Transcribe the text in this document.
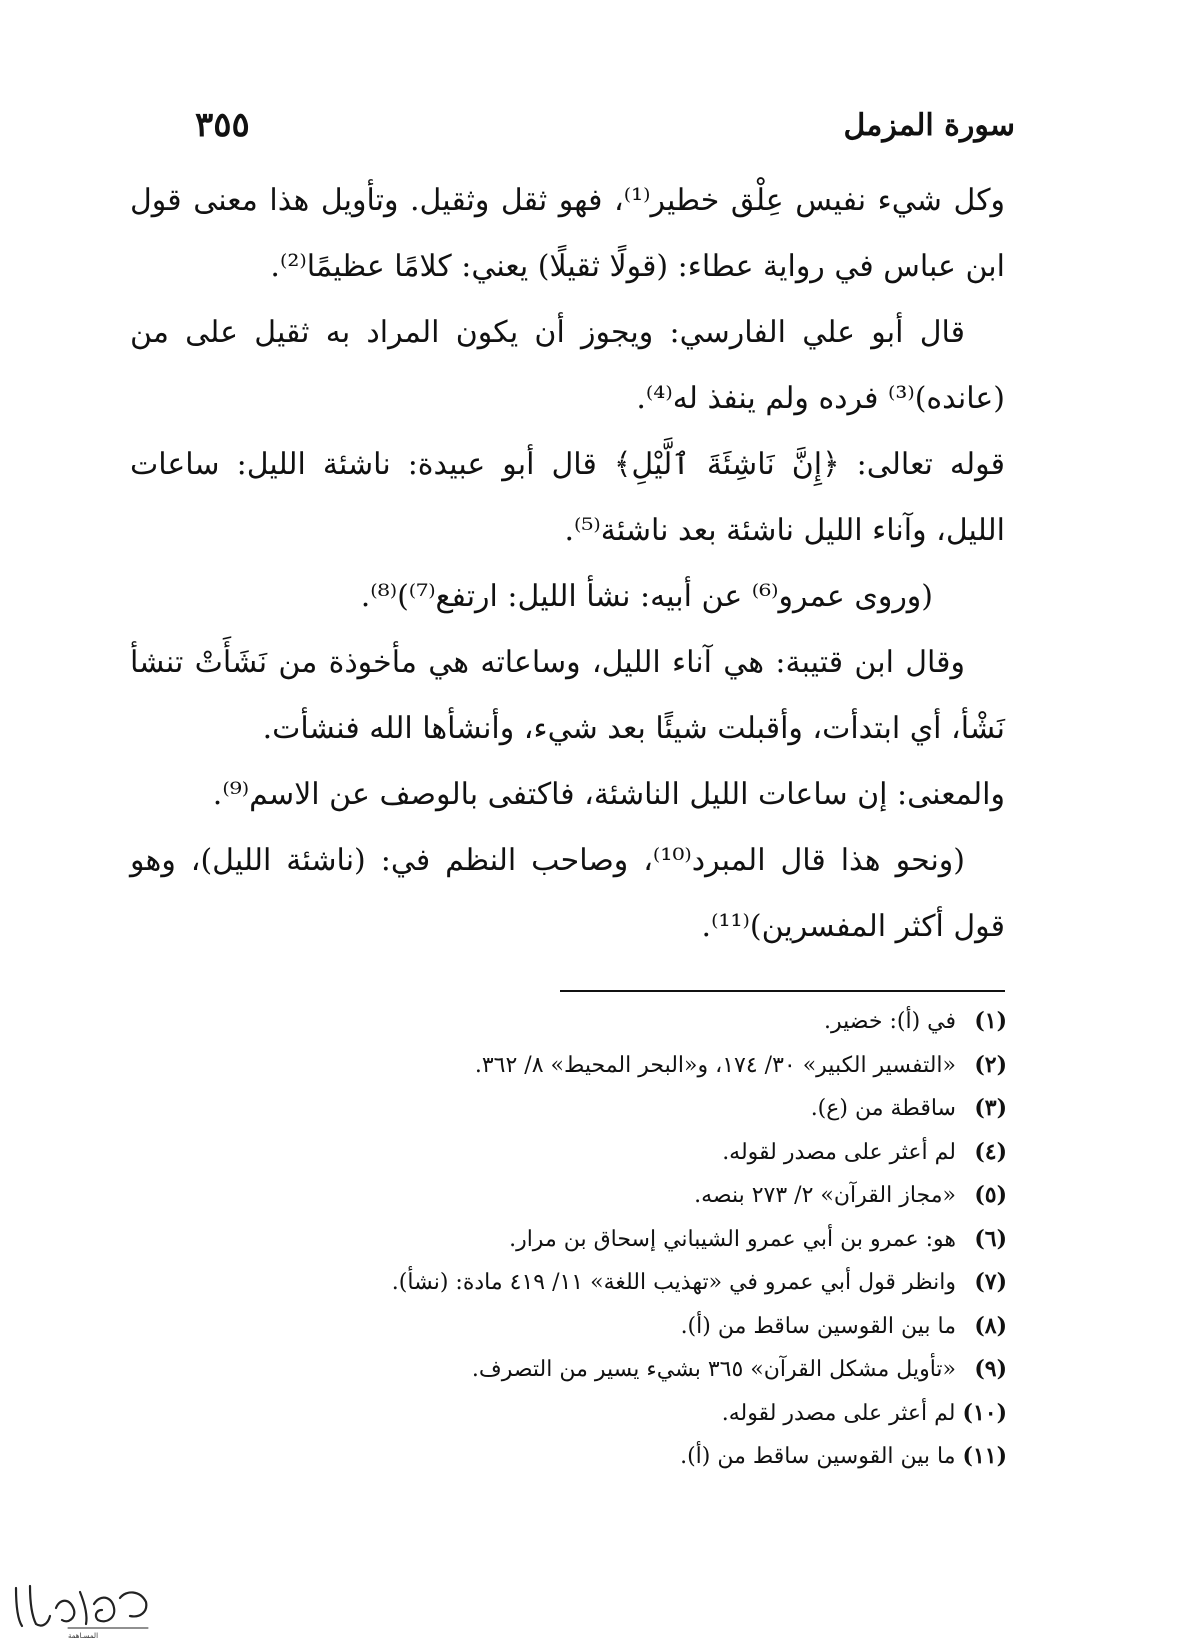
سورة المزمل
٣٥٥

وكل شيء نفيس عِلْق خطير⁽¹⁾، فهو ثقل وثقيل. وتأويل هذا معنى قول ابن عباس في رواية عطاء: (قولًا ثقيلًا) يعني: كلامًا عظيمًا⁽²⁾.

قال أبو علي الفارسي: ويجوز أن يكون المراد به ثقيل على من (عانده)⁽³⁾ فرده ولم ينفذ له⁽⁴⁾.

قوله تعالى: ﴿إِنَّ نَاشِئَةَ ٱلَّيْلِ﴾ قال أبو عبيدة: ناشئة الليل: ساعات الليل، وآناء الليل ناشئة بعد ناشئة⁽⁵⁾.

(وروى عمرو⁽⁶⁾ عن أبيه: نشأ الليل: ارتفع⁽⁷⁾)⁽⁸⁾.

وقال ابن قتيبة: هي آناء الليل، وساعاته هي مأخوذة من نَشَأَتْ تنشأ نَشْأ، أي ابتدأت، وأقبلت شيئًا بعد شيء، وأنشأها الله فنشأت.

والمعنى: إن ساعات الليل الناشئة، فاكتفى بالوصف عن الاسم⁽⁹⁾.

(ونحو هذا قال المبرد⁽¹⁰⁾، وصاحب النظم في: (ناشئة الليل)، وهو قول أكثر المفسرين)⁽¹¹⁾.

(١) في (أ): خضير.
(٢) «التفسير الكبير» ٣٠/ ١٧٤، و«البحر المحيط» ٨/ ٣٦٢.
(٣) ساقطة من (ع).
(٤) لم أعثر على مصدر لقوله.
(٥) «مجاز القرآن» ٢/ ٢٧٣ بنصه.
(٦) هو: عمرو بن أبي عمرو الشيباني إسحاق بن مرار.
(٧) وانظر قول أبي عمرو في «تهذيب اللغة» ١١/ ٤١٩ مادة: (نشأ).
(٨) ما بين القوسين ساقط من (أ).
(٩) «تأويل مشكل القرآن» ٣٦٥ بشيء يسير من التصرف.
(١٠) لم أعثر على مصدر لقوله.
(١١) ما بين القوسين ساقط من (أ).
المسـاهمة
